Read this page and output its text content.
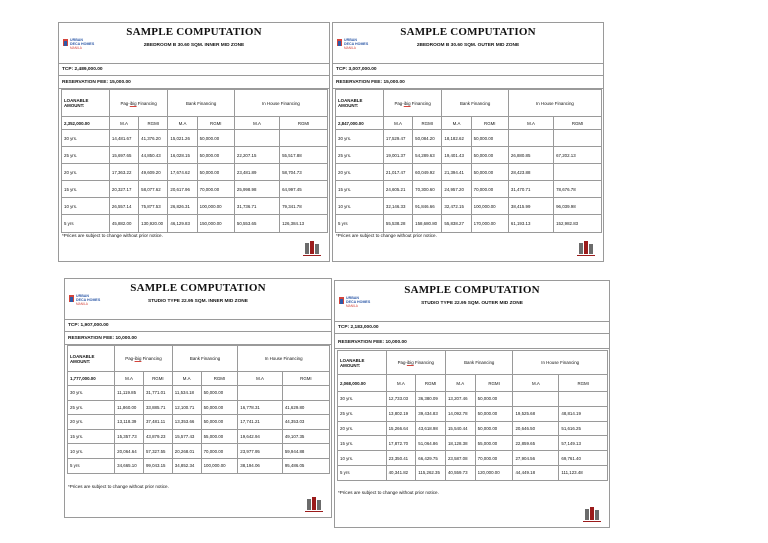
URBAN
DECA HOMES
MANILA
SAMPLE COMPUTATION
2BEDROOM B 30.60 SQM. INNER MID ZONE
TCP: 2,489,000.00
RESERVATION FEE: 15,000.00
LOANABLE AMOUNT:	Pag-ibig Financing		Bank Financing		In House Financing	
2,352,000.00	M.A	RGMI	M.A	RGMI	M.A	RGMI
30 yrs.	14,481.67	41,376.20	15,021.26	50,000.00		
25 yrs.	15,697.65	44,850.43	16,028.15	50,000.00	22,207.15	55,517.88
20 yrs.	17,363.22	49,609.20	17,674.62	50,000.00	23,481.89	58,704.73
15 yrs.	20,327.17	58,077.62	20,617.96	70,000.00	25,998.98	64,997.45
10 yrs.	26,557.14	75,877.53	26,826.31	100,000.00	31,736.71	79,341.78
5 yrs	45,882.00	130,920.00	46,129.83	150,000.00	50,553.65	126,384.13
*Prices are subject to change without prior notice.
URBAN
DECA HOMES
MANILA
SAMPLE COMPUTATION
2BEDROOM B 30.60 SQM. OUTER MID ZONE
TCP: 3,007,000.00
RESERVATION FEE: 15,000.00
LOANABLE AMOUNT:	Pag-ibig Financing		Bank Financing		In House Financing	
2,847,000.00	M.A	RGMI	M.A	RGMI	M.A	RGMI
30 yrs.	17,529.47	50,084.20	18,182.62	50,000.00		
25 yrs.	19,001.37	54,289.63	19,401.43	50,000.00	26,880.85	67,202.13
20 yrs.	21,017.47	60,049.92	21,394.41	50,000.00	28,423.88	
15 yrs.	24,605.21	70,300.60	24,957.20	70,000.00	31,470.71	78,676.78
10 yrs.	32,146.33	91,846.66	32,472.15	100,000.00	38,415.99	96,039.98
5 yrs	55,538.28	158,680.80	55,838.27	170,000.00	61,193.13	152,982.83
*Prices are subject to change without prior notice.
URBAN
DECA HOMES
MANILA
SAMPLE COMPUTATION
STUDIO TYPE 22.95 SQM. INNER MID ZONE
TCP: 1,907,000.00
RESERVATION FEE: 10,000.00
LOANABLE AMOUNT:	Pag-ibig Financing		Bank Financing		In House Financing	
1,777,000.00	M.A	RGMI	M.A	RGMI	M.A	RGMI
30 yrs.	11,119.85	31,771.01	11,534.18	50,000.00		
25 yrs.	11,860.00	33,885.71	12,100.71	50,000.00	16,778.31	41,629.80
20 yrs.	13,118.39	37,481.11	13,353.66	50,000.00	17,741.21	44,353.03
15 yrs.	15,357.73	43,879.23	15,577.43	55,000.00	19,642.94	49,107.35
10 yrs.	20,064.64	57,327.55	20,268.01	70,000.00	23,977.95	59,944.88
5 yrs	34,665.10	99,043.15	34,852.34	100,000.00	38,194.06	95,486.05
*Prices are subject to change without prior notice.
URBAN
DECA HOMES
MANILA
SAMPLE COMPUTATION
STUDIO TYPE 22.95 SQM. OUTER MID ZONE
TCP: 2,183,000.00
RESERVATION FEE: 10,000.00
LOANABLE AMOUNT:	Pag-ibig Financing		Bank Financing		In House Financing	
2,068,000.00	M.A	RGMI	M.A	RGMI	M.A	RGMI
30 yrs.	12,733.03	36,380.09	13,207.46	50,000.00		
25 yrs.	13,802.19	39,434.83	14,092.78	50,000.00	19,525.68	48,814.19
20 yrs.	15,266.64	43,618.98	15,540.44	50,000.00	20,646.50	51,616.25
15 yrs.	17,872.70	51,064.86	18,128.38	55,000.00	22,859.65	57,149.13
10 yrs.	23,350.41	66,429.75	23,587.08	70,000.00	27,904.56	69,761.40
5 yrs	40,341.82	115,262.35	40,559.73	120,000.00	44,449.18	111,123.48
*Prices are subject to change without prior notice.
